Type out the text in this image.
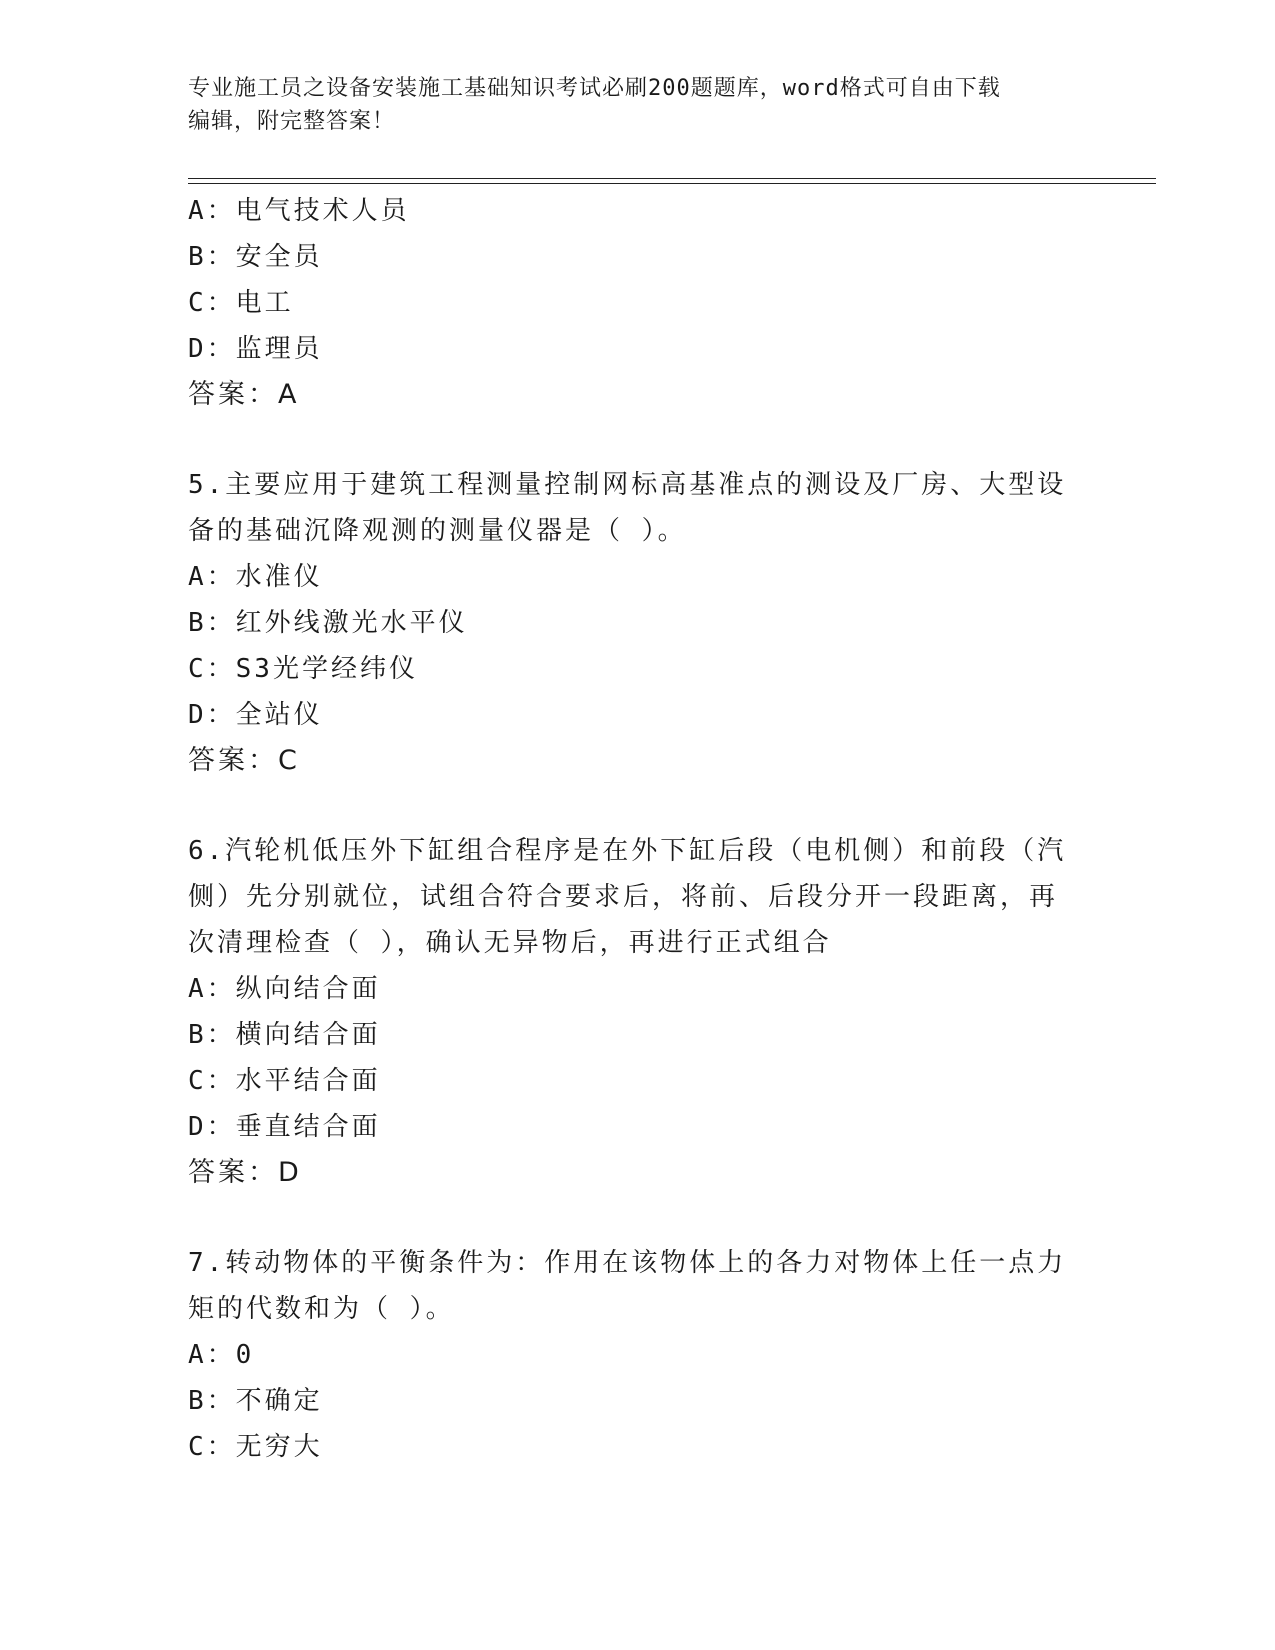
专业施工员之设备安装施工基础知识考试必刷200题题库，word格式可自由下载
编辑，附完整答案！
A：电气技术人员
B：安全员
C：电工
D：监理员
答案：A
5.主要应用于建筑工程测量控制网标高基准点的测设及厂房、大型设
备的基础沉降观测的测量仪器是（ ）。
A：水准仪
B：红外线激光水平仪
C：S3光学经纬仪
D：全站仪
答案：C
6.汽轮机低压外下缸组合程序是在外下缸后段（电机侧）和前段（汽
侧）先分别就位，试组合符合要求后，将前、后段分开一段距离，再
次清理检查（ ），确认无异物后，再进行正式组合
A：纵向结合面
B：横向结合面
C：水平结合面
D：垂直结合面
答案：D
7.转动物体的平衡条件为：作用在该物体上的各力对物体上任一点力
矩的代数和为（ ）。
A：0
B：不确定
C：无穷大
